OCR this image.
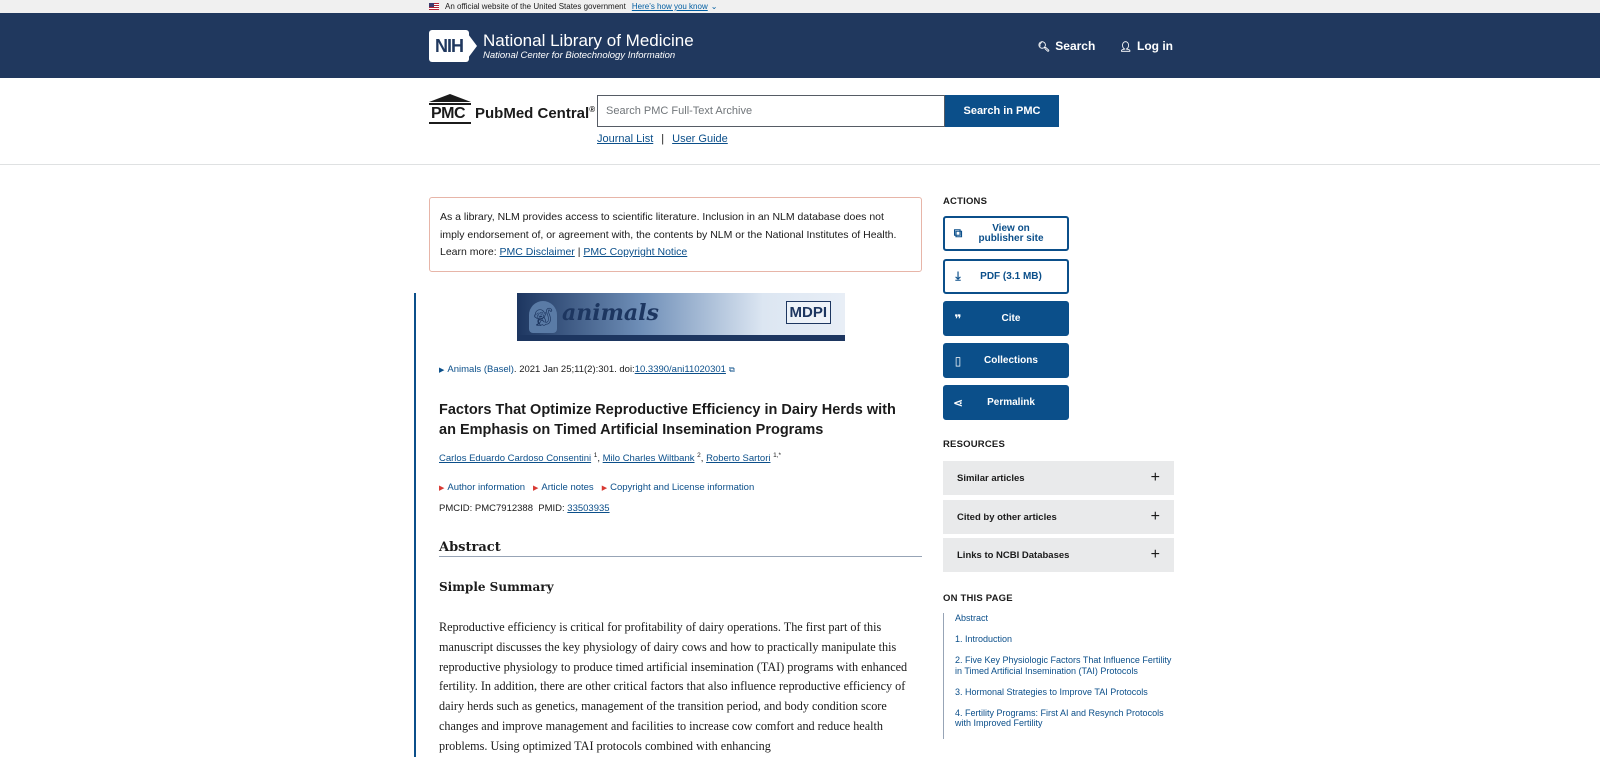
An official website of the United States government Here’s how you know ⌄
NIH	National Library of Medicine
National Center for Biotechnology Information
🔍︎ Search 👤︎ Log in
PMC PubMed Central®
Search PMC Full-Text Archive	Search in PMC
Journal List | User Guide
As a library, NLM provides access to scientific literature. Inclusion in an NLM database does not imply endorsement of, or agreement with, the contents by NLM or the National Institutes of Health.
Learn more: PMC Disclaimer | PMC Copyright Notice
🐒︎ animals	MDPI
▶ Animals (Basel) . 2021 Jan 25;11(2):301. doi: 10.3390/ani11020301 ⧉
Factors That Optimize Reproductive Efficiency in Dairy Herds with an Emphasis on Timed Artificial Insemination Programs
Carlos Eduardo Cardoso Consentini $^1$, Milo Charles Wiltbank $^2$, Roberto Sartori $^{1,*}$
▶ Author information ▶ Article notes ▶ Copyright and License information
PMCID: PMC7912388 PMID: 33503935
Abstract
Simple Summary

Reproductive efficiency is critical for profitability of dairy operations. The first part of this manuscript discusses the key physiology of dairy cows and how to practically manipulate this reproductive physiology to produce timed artificial insemination (TAI) programs with enhanced fertility. In addition, there are other critical factors that also influence reproductive efficiency of dairy herds such as genetics, management of the transition period, and body condition score changes and improve management and facilities to increase cow comfort and reduce health problems. Using optimized TAI protocols combined with enhancing

ACTIONS
⧉	View on publisher site
⤓	PDF (3.1 MB)
❞	Cite
▯	Collections
⋖	Permalink
RESOURCES
Similar articles	+
Cited by other articles	+
Links to NCBI Databases	+
ON THIS PAGE
Abstract
1. Introduction
2. Five Key Physiologic Factors That Influence Fertility in Timed Artificial Insemination (TAI) Protocols
3. Hormonal Strategies to Improve TAI Protocols
4. Fertility Programs: First AI and Resynch Protocols with Improved Fertility
